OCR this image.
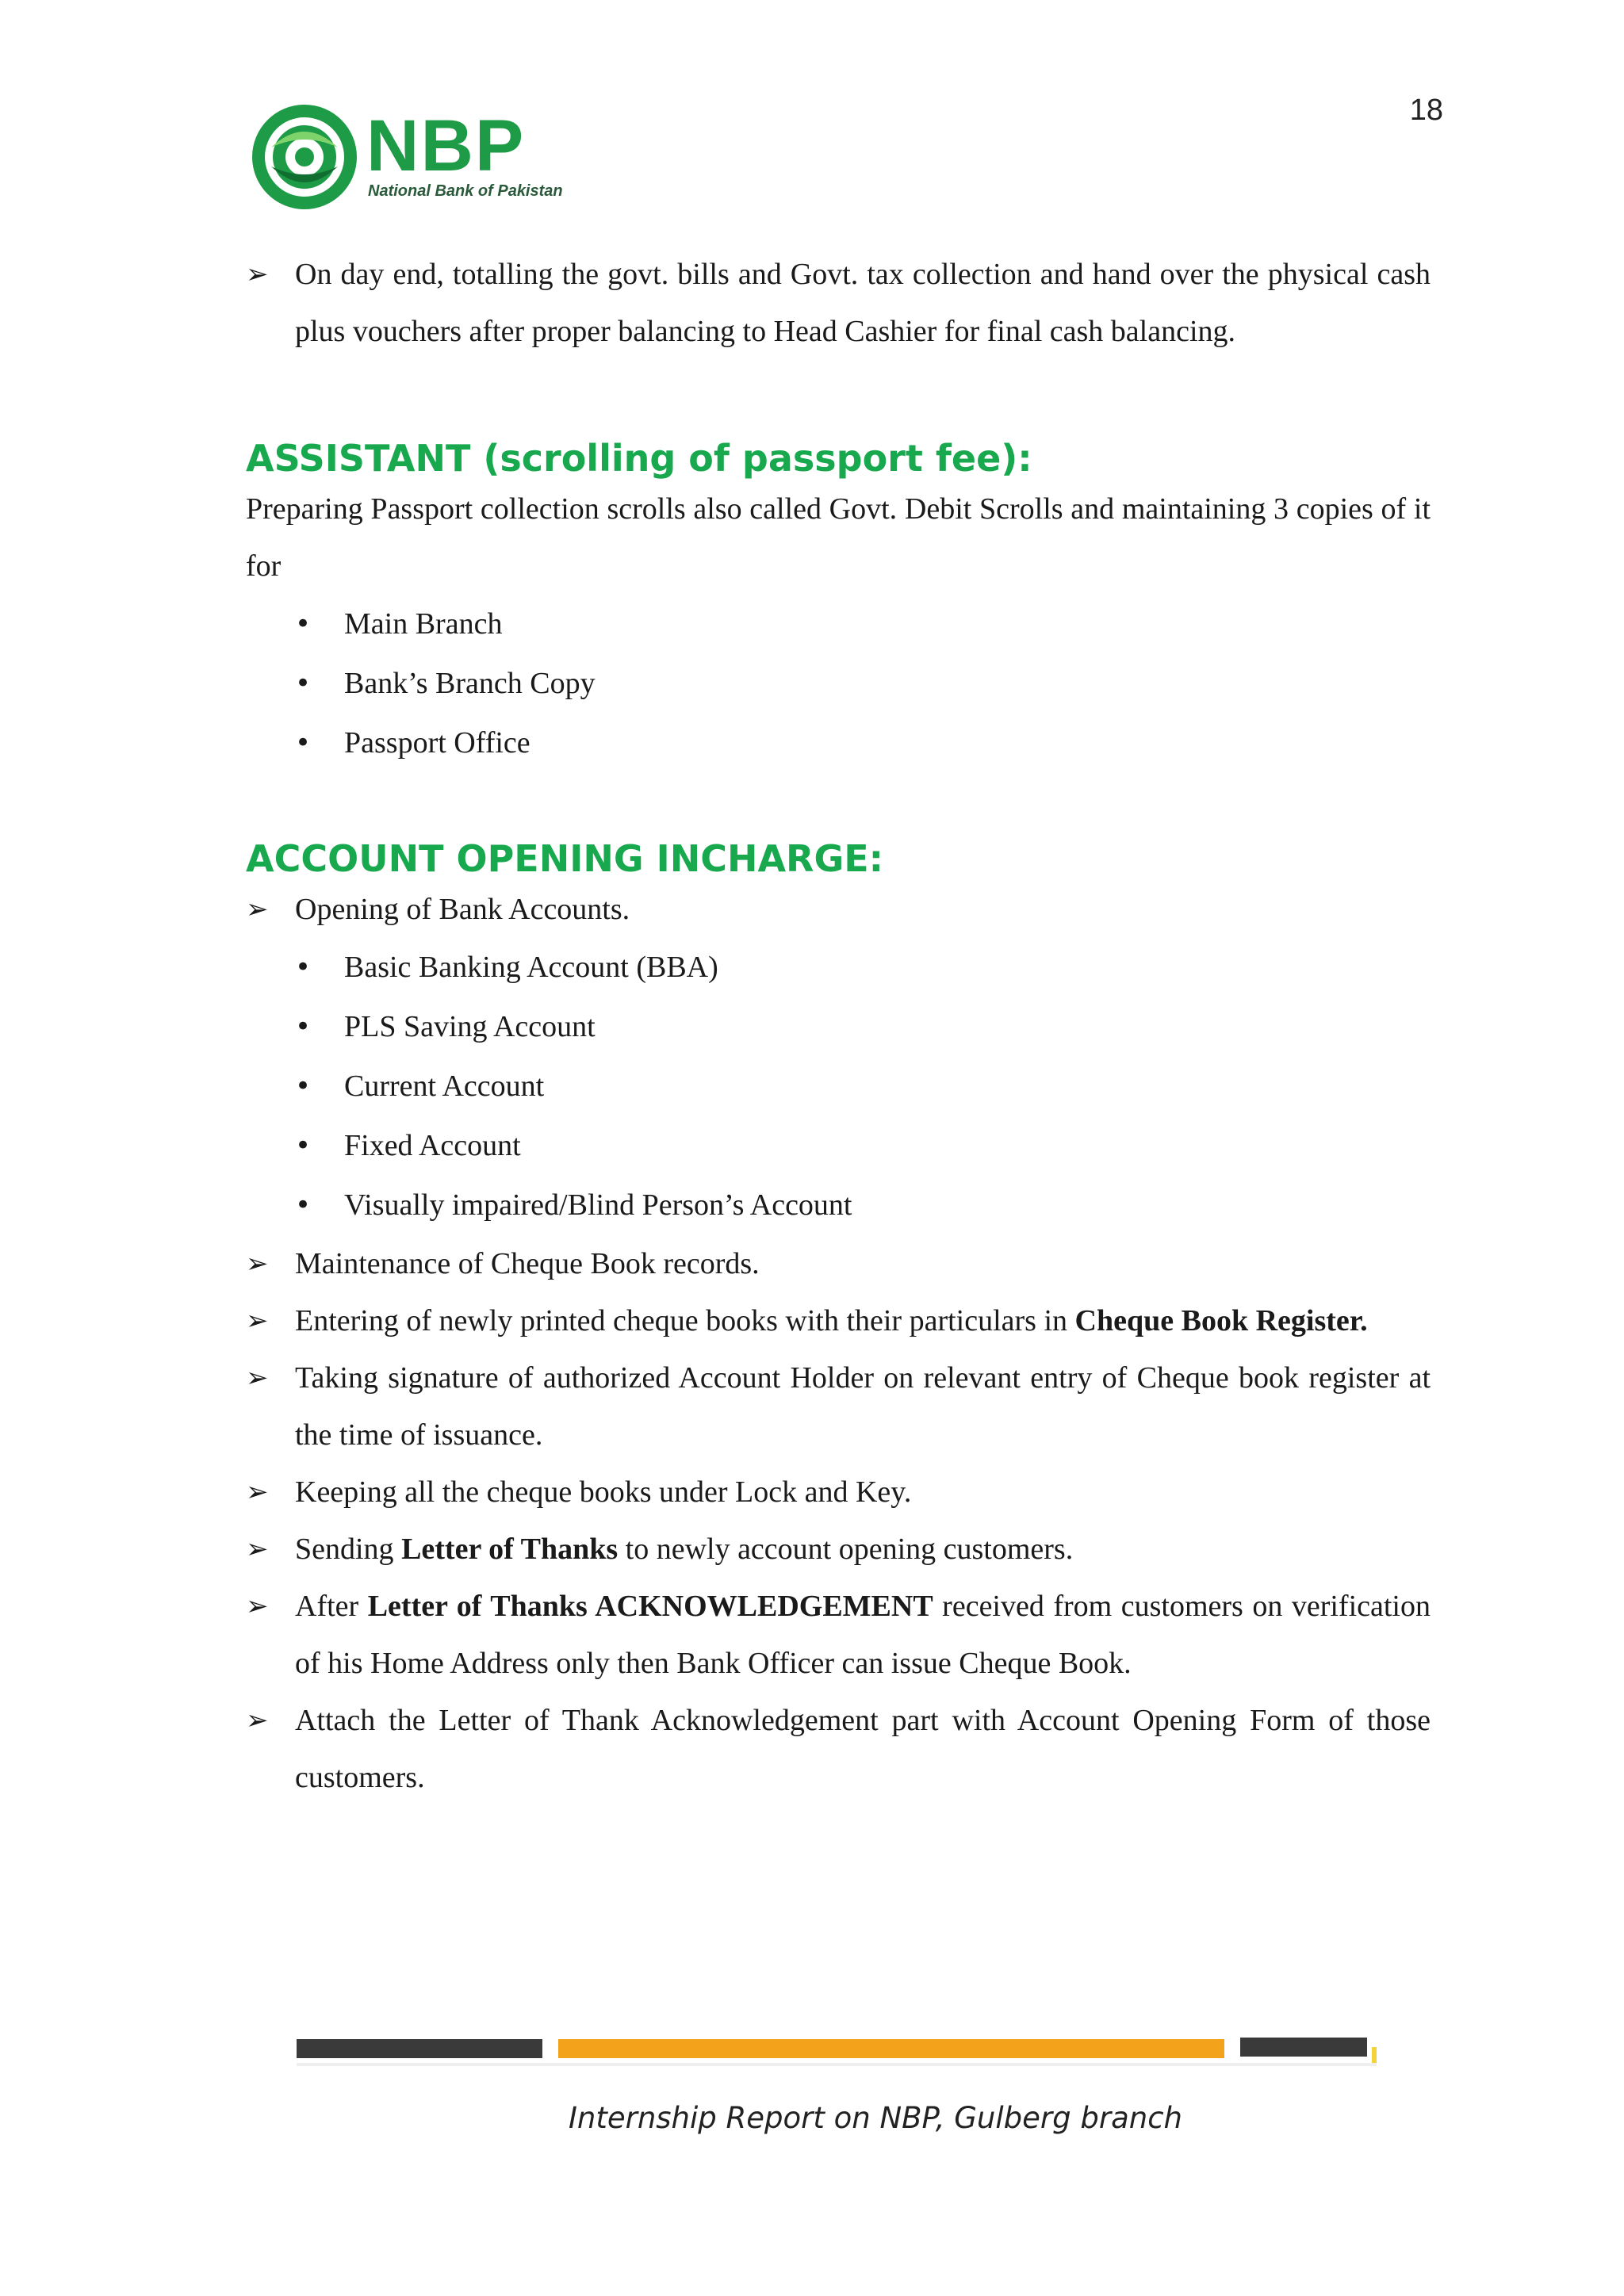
18
NBP
National Bank of Pakistan
➢ On day end, totalling the govt. bills and Govt. tax collection and hand over the physical cash plus vouchers after proper balancing to Head Cashier for final cash balancing.
ASSISTANT (scrolling of passport fee):

Preparing Passport collection scrolls also called Govt. Debit Scrolls and maintaining 3 copies of it for

• Main Branch
• Bank’s Branch Copy
• Passport Office
ACCOUNT OPENING INCHARGE:
➢ Opening of Bank Accounts.
• Basic Banking Account (BBA)
• PLS Saving Account
• Current Account
• Fixed Account
• Visually impaired/Blind Person’s Account
➢ Maintenance of Cheque Book records.
➢ Entering of newly printed cheque books with their particulars in Cheque Book Register.
➢ Taking signature of authorized Account Holder on relevant entry of Cheque book register at the time of issuance.
➢ Keeping all the cheque books under Lock and Key.
➢ Sending Letter of Thanks to newly account opening customers.
➢ After Letter of Thanks ACKNOWLEDGEMENT received from customers on verification of his Home Address only then Bank Officer can issue Cheque Book.
➢ Attach the Letter of Thank Acknowledgement part with Account Opening Form of those customers.
Internship Report on NBP, Gulberg branch
